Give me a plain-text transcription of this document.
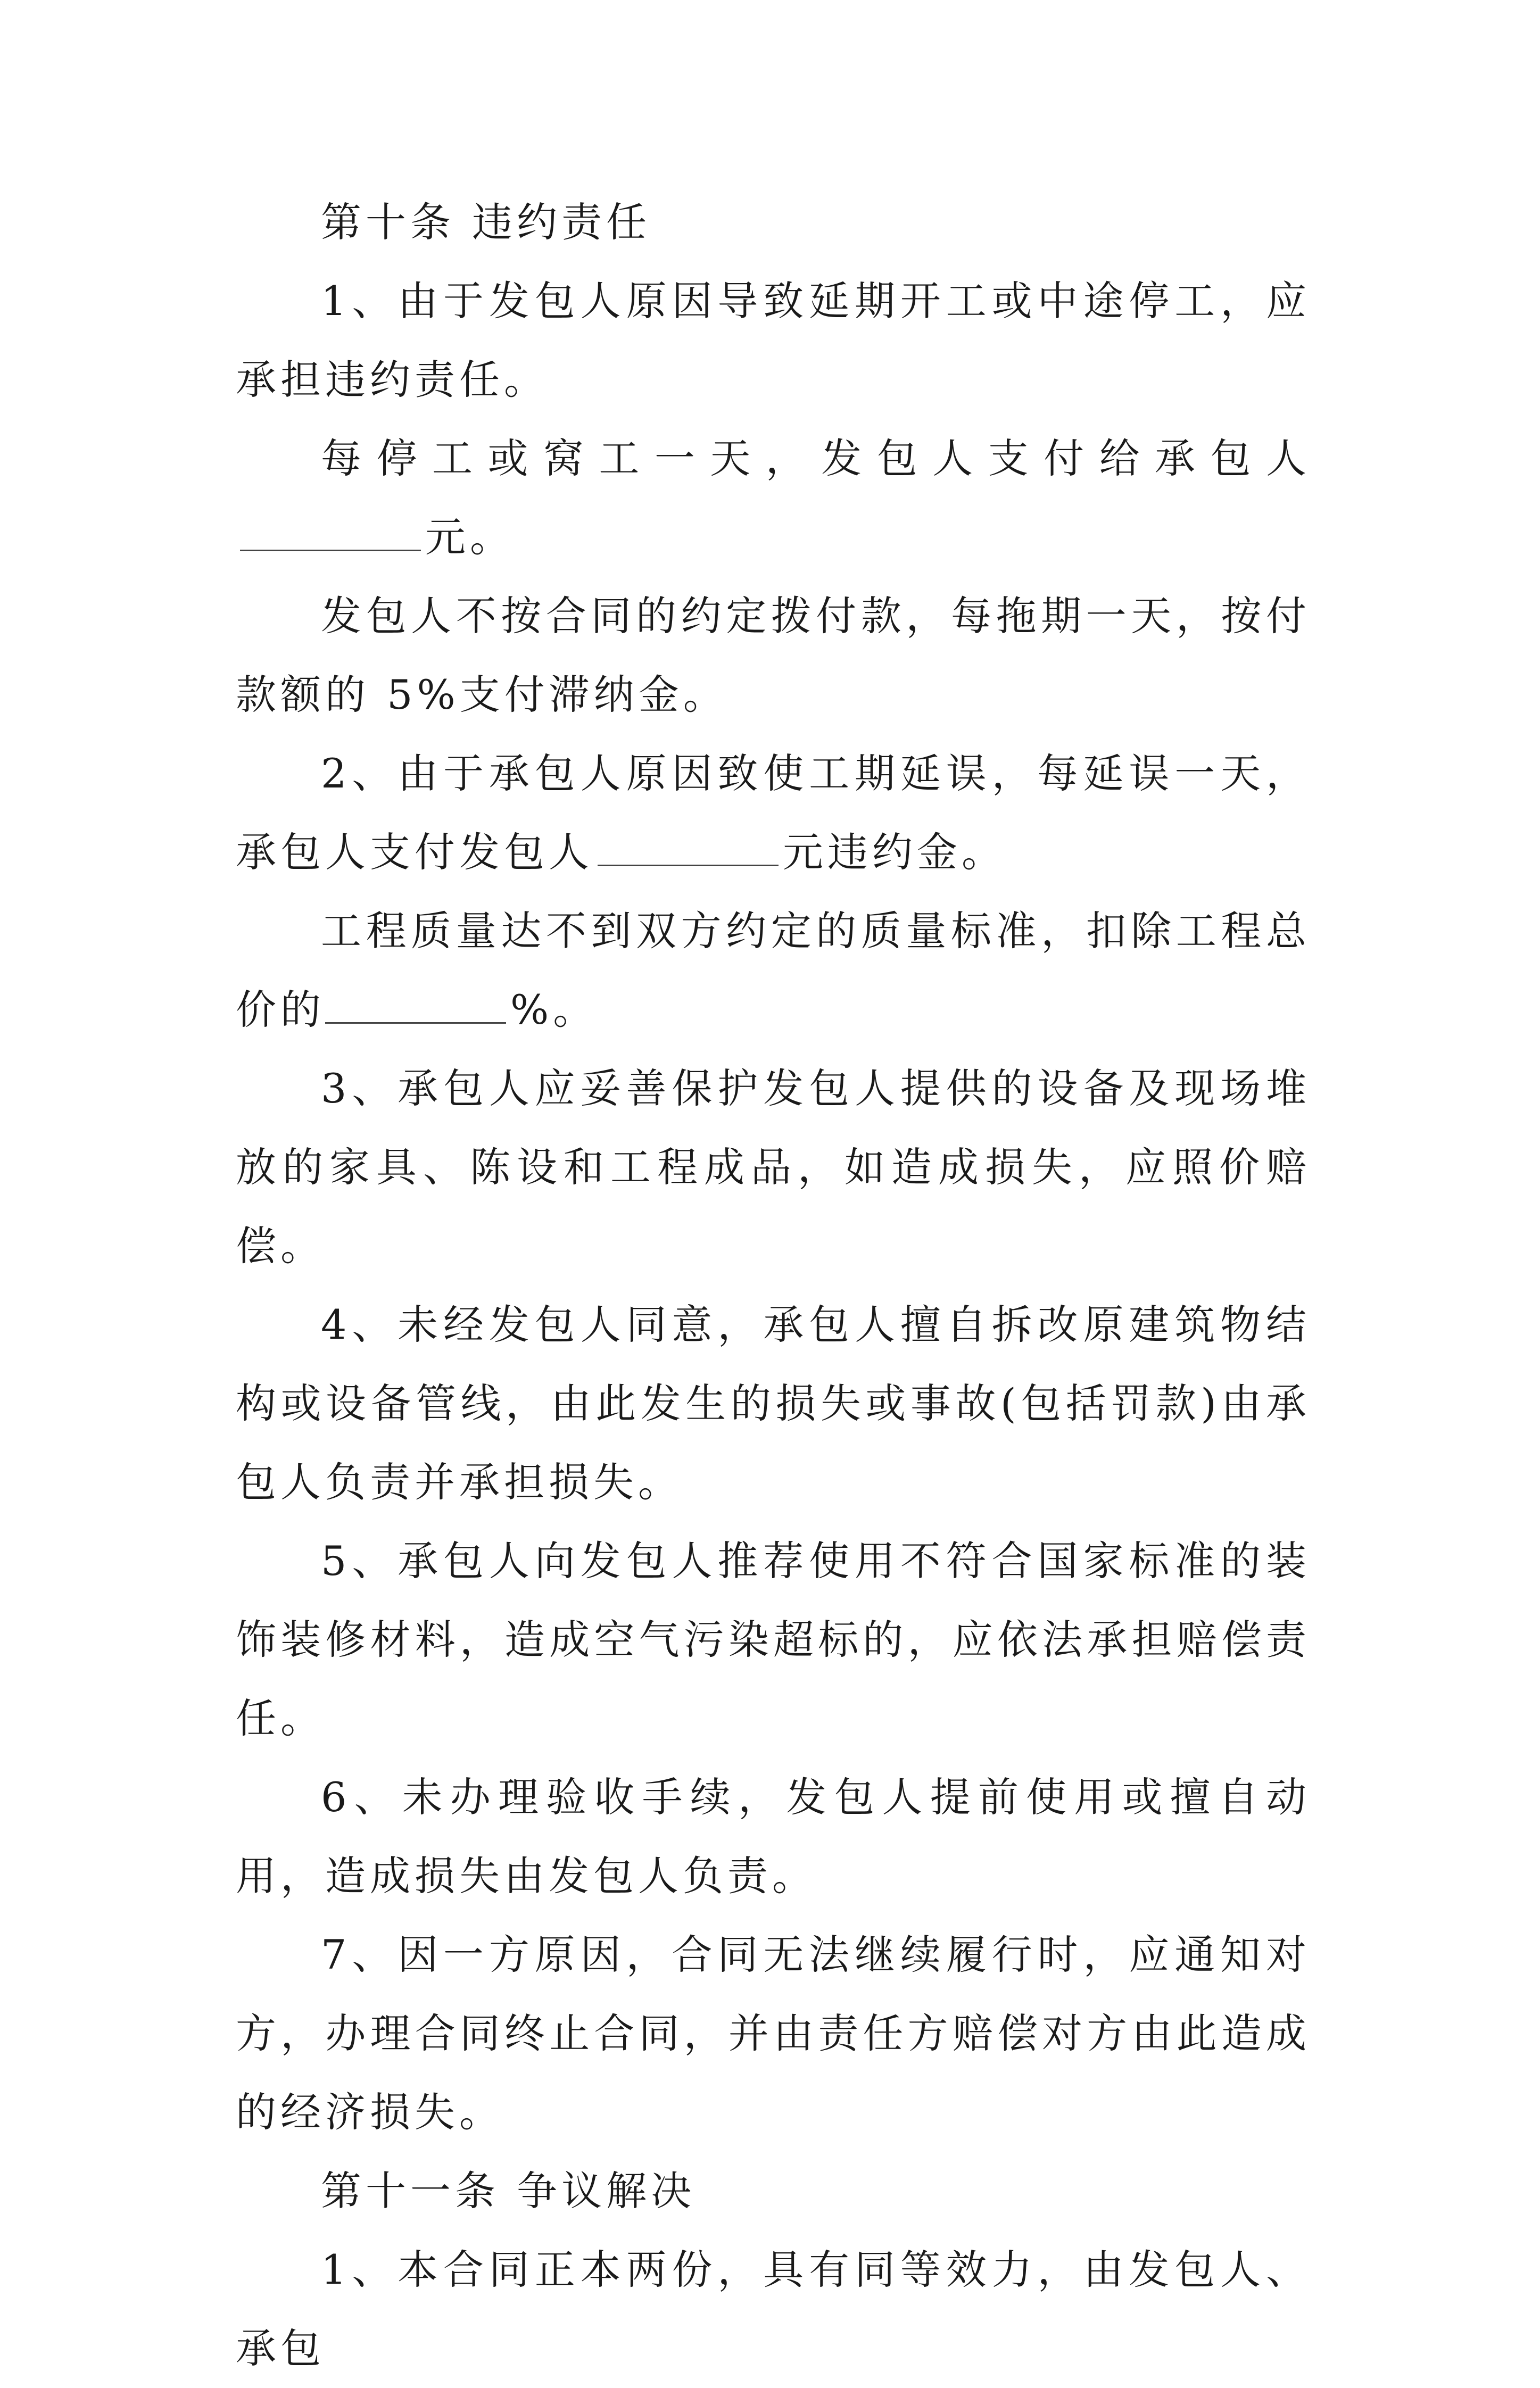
第十条 违约责任

1、由于发包人原因导致延期开工或中途停工，应承担违约责任。

每停工或窝工一天，发包人支付给承包人元。

发包人不按合同的约定拨付款，每拖期一天，按付款额的 5%支付滞纳金。

2、由于承包人原因致使工期延误，每延误一天，承包人支付发包人	元违约金。

工程质量达不到双方约定的质量标准，扣除工程总价的	%。

3、承包人应妥善保护发包人提供的设备及现场堆放的家具、陈设和工程成品，如造成损失，应照价赔偿。

4、未经发包人同意，承包人擅自拆改原建筑物结构或设备管线，由此发生的损失或事故(包括罚款)由承包人负责并承担损失。

5、承包人向发包人推荐使用不符合国家标准的装饰装修材料，造成空气污染超标的，应依法承担赔偿责任。

6、未办理验收手续，发包人提前使用或擅自动用，造成损失由发包人负责。

7、因一方原因，合同无法继续履行时，应通知对方，办理合同终止合同，并由责任方赔偿对方由此造成的经济损失。

第十一条 争议解决

1、本合同正本两份，具有同等效力，由发包人、承包
